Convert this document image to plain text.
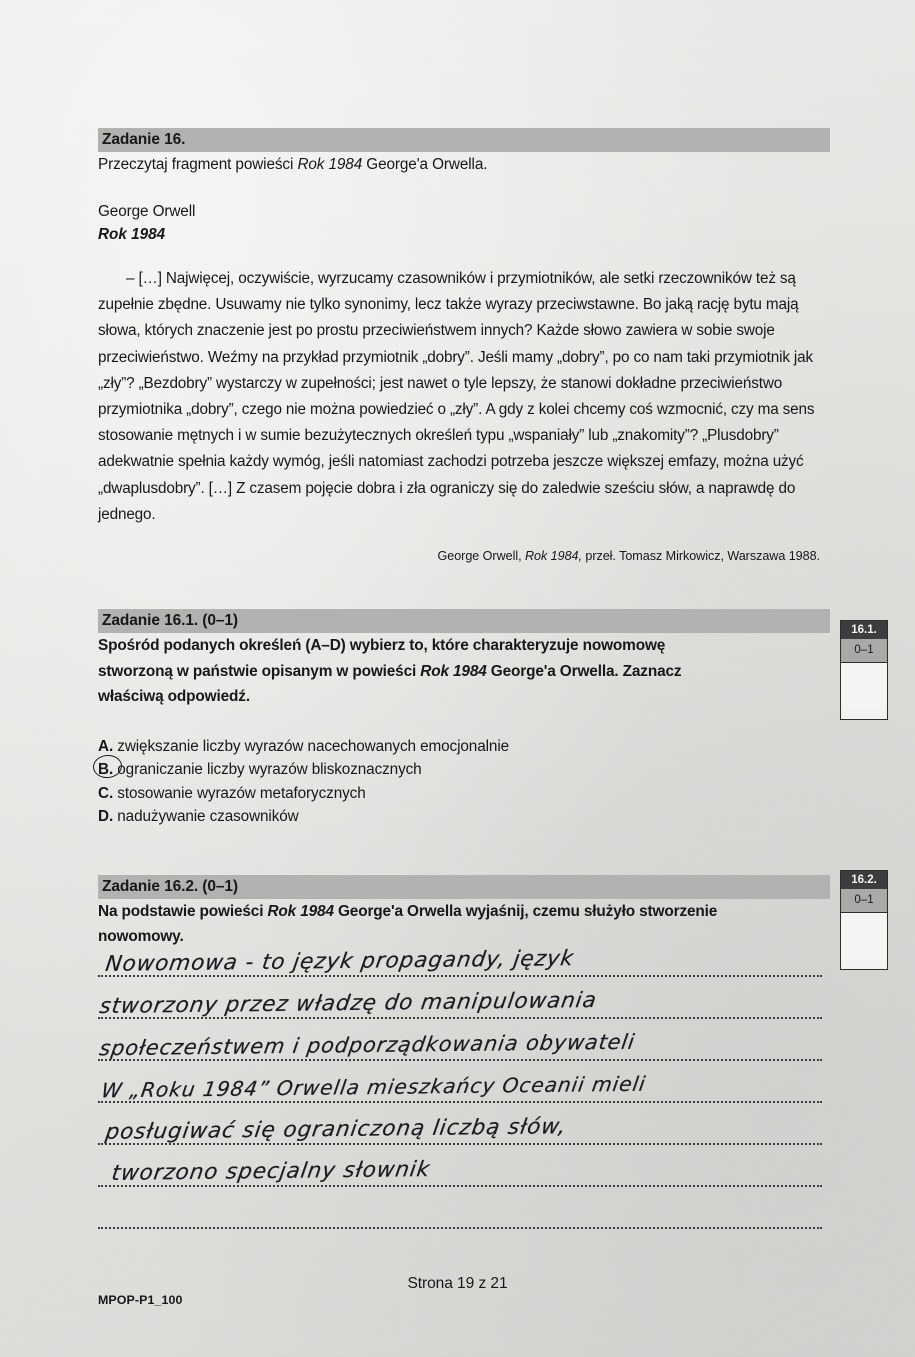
Zadanie 16.
Przeczytaj fragment powieści Rok 1984 George'a Orwella.
George Orwell
Rok 1984
– […] Najwięcej, oczywiście, wyrzucamy czasowników i przymiotników, ale setki rzeczowników też są zupełnie zbędne. Usuwamy nie tylko synonimy, lecz także wyrazy przeciwstawne. Bo jaką rację bytu mają słowa, których znaczenie jest po prostu przeciwieństwem innych? Każde słowo zawiera w sobie swoje przeciwieństwo. Weźmy na przykład przymiotnik „dobry”. Jeśli mamy „dobry”, po co nam taki przymiotnik jak „zły”? „Bezdobry” wystarczy w zupełności; jest nawet o tyle lepszy, że stanowi dokładne przeciwieństwo przymiotnika „dobry”, czego nie można powiedzieć o „zły”. A gdy z kolei chcemy coś wzmocnić, czy ma sens stosowanie mętnych i w sumie bezużytecznych określeń typu „wspaniały” lub „znakomity”? „Plusdobry” adekwatnie spełnia każdy wymóg, jeśli natomiast zachodzi potrzeba jeszcze większej emfazy, można użyć „dwaplusdobry”. […] Z czasem pojęcie dobra i zła ograniczy się do zaledwie sześciu słów, a naprawdę do jednego.
George Orwell, Rok 1984, przeł. Tomasz Mirkowicz, Warszawa 1988.
Zadanie 16.1. (0–1)
Spośród podanych określeń (A–D) wybierz to, które charakteryzuje nowomowę
stworzoną w państwie opisanym w powieści Rok 1984 George'a Orwella. Zaznacz
właściwą odpowiedź.
A. zwiększanie liczby wyrazów nacechowanych emocjonalnie
B. ograniczanie liczby wyrazów bliskoznacznych
C. stosowanie wyrazów metaforycznych
D. nadużywanie czasowników
Zadanie 16.2. (0–1)
Na podstawie powieści Rok 1984 George'a Orwella wyjaśnij, czemu służyło stworzenie
nowomowy.
Nowomowa - to język propagandy, język
stworzony przez władzę do manipulowania
społeczeństwem i podporządkowania obywateli
W „Roku 1984” Orwella mieszkańcy Oceanii mieli
posługiwać się ograniczoną liczbą słów,
tworzono specjalny słownik
16.1.
0–1
16.2.
0–1
Strona 19 z 21
MPOP-P1_100
